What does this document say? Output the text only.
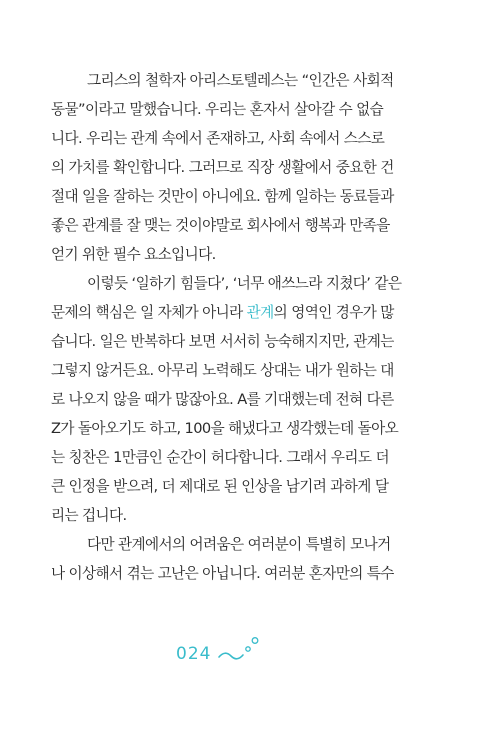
그리스의 철학자 아리스토텔레스는 “인간은 사회적
동물”이라고 말했습니다. 우리는 혼자서 살아갈 수 없습
니다. 우리는 관계 속에서 존재하고, 사회 속에서 스스로
의 가치를 확인합니다. 그러므로 직장 생활에서 중요한 건
절대 일을 잘하는 것만이 아니에요. 함께 일하는 동료들과
좋은 관계를 잘 맺는 것이야말로 회사에서 행복과 만족을
얻기 위한 필수 요소입니다.
이렇듯 ‘일하기 힘들다’, ‘너무 애쓰느라 지쳤다’ 같은
문제의 핵심은 일 자체가 아니라 관계의 영역인 경우가 많
습니다. 일은 반복하다 보면 서서히 능숙해지지만, 관계는
그렇지 않거든요. 아무리 노력해도 상대는 내가 원하는 대
로 나오지 않을 때가 많잖아요. A를 기대했는데 전혀 다른
Z가 돌아오기도 하고, 100을 해냈다고 생각했는데 돌아오
는 칭찬은 1만큼인 순간이 허다합니다. 그래서 우리도 더
큰 인정을 받으려, 더 제대로 된 인상을 남기려 과하게 달
리는 겁니다.
다만 관계에서의 어려움은 여러분이 특별히 모나거
나 이상해서 겪는 고난은 아닙니다. 여러분 혼자만의 특수
024
